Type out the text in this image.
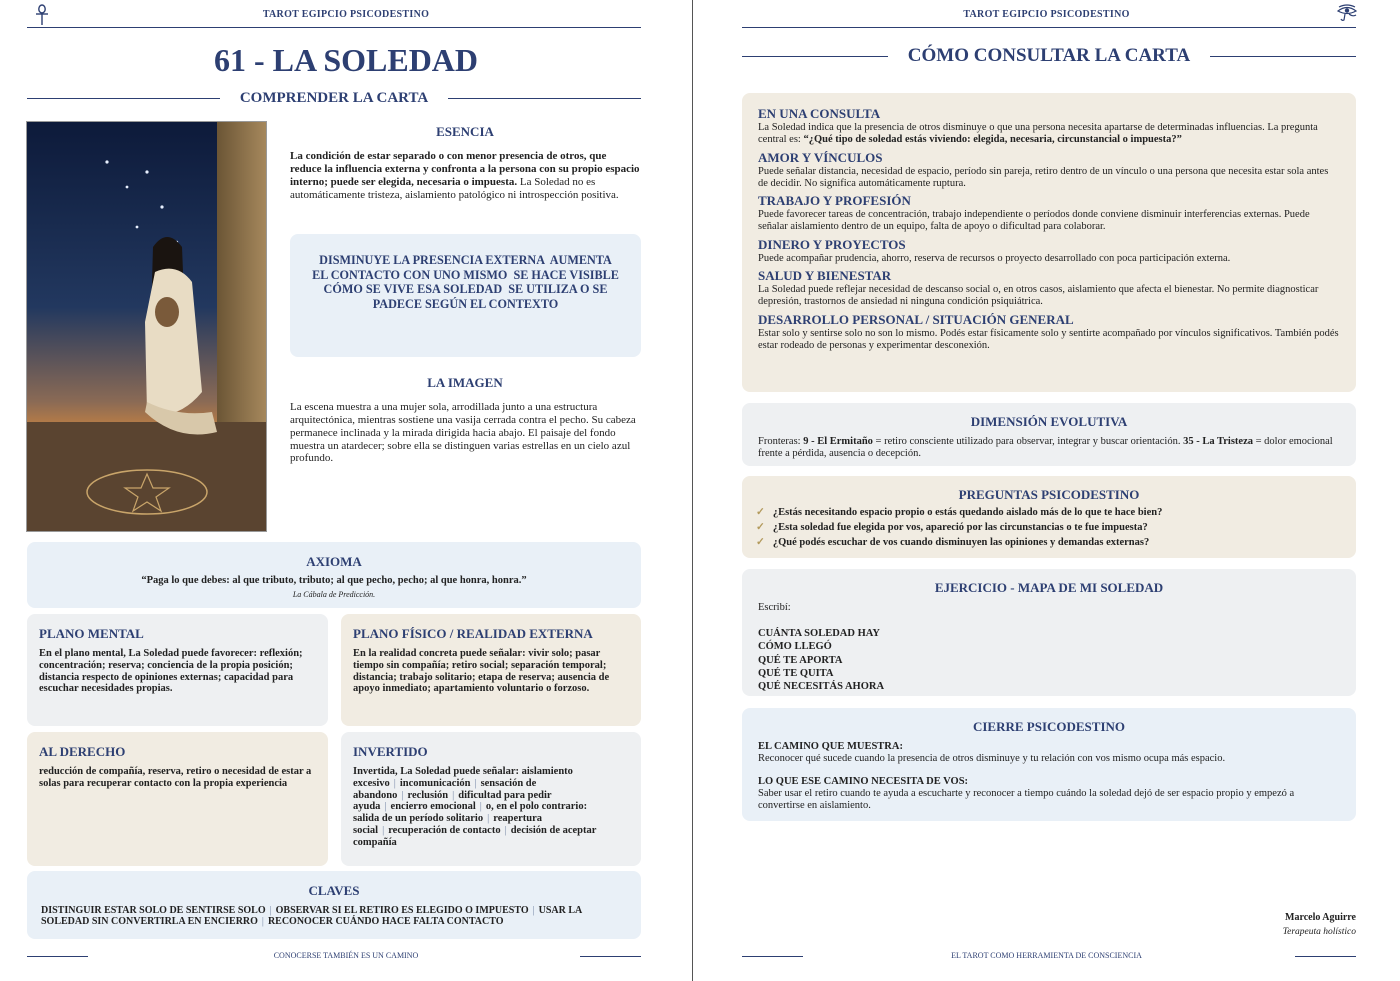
TAROT EGIPCIO PSICODESTINO
61 - LA SOLEDAD
COMPRENDER LA CARTA
ESENCIA

La condición de estar separado o con menor presencia de otros, que reduce la influencia externa y confronta a la persona con su propio espacio interno; puede ser elegida, necesaria o impuesta. La Soledad no es automáticamente tristeza, aislamiento patológico ni introspección positiva.

DISMINUYE LA PRESENCIA EXTERNA  AUMENTA
EL CONTACTO CON UNO MISMO  SE HACE VISIBLE
CÓMO SE VIVE ESA SOLEDAD  SE UTILIZA O SE
PADECE SEGÚN EL CONTEXTO
LA IMAGEN

La escena muestra a una mujer sola, arrodillada junto a una estructura arquitectónica, mientras sostiene una vasija cerrada contra el pecho. Su cabeza permanece inclinada y la mirada dirigida hacia abajo. El paisaje del fondo muestra un atardecer; sobre ella se distinguen varias estrellas en un cielo azul profundo.

AXIOMA
“Paga lo que debes: al que tributo, tributo; al que pecho, pecho; al que honra, honra.”
La Cábala de Predicción.
PLANO MENTAL
En el plano mental, La Soledad puede favorecer: reflexión; concentración; reserva; conciencia de la propia posición; distancia respecto de opiniones externas; capacidad para escuchar necesidades propias.
PLANO FÍSICO / REALIDAD EXTERNA
En la realidad concreta puede señalar: vivir solo; pasar tiempo sin compañía; retiro social; separación temporal; distancia; trabajo solitario; etapa de reserva; ausencia de apoyo inmediato; apartamiento voluntario o forzoso.
AL DERECHO
reducción de compañía, reserva, retiro o necesidad de estar a solas para recuperar contacto con la propia experiencia
INVERTIDO
Invertida, La Soledad puede señalar: aislamiento
excesivo | incomunicación | sensación de
abandono | reclusión | dificultad para pedir
ayuda | encierro emocional | o, en el polo contrario:
salida de un período solitario | reapertura
social | recuperación de contacto | decisión de aceptar
compañía
CLAVES
DISTINGUIR ESTAR SOLO DE SENTIRSE SOLO | OBSERVAR SI EL RETIRO ES ELEGIDO O IMPUESTO | USAR LA
SOLEDAD SIN CONVERTIRLA EN ENCIERRO | RECONOCER CUÁNDO HACE FALTA CONTACTO
CONOCERSE TAMBIÉN ES UN CAMINO
TAROT EGIPCIO PSICODESTINO
CÓMO CONSULTAR LA CARTA
EN UNA CONSULTA
La Soledad indica que la presencia de otros disminuye o que una persona necesita apartarse de determinadas influencias. La pregunta central es: “¿Qué tipo de soledad estás viviendo: elegida, necesaria, circunstancial o impuesta?”
AMOR Y VÍNCULOS
Puede señalar distancia, necesidad de espacio, período sin pareja, retiro dentro de un vínculo o una persona que necesita estar sola antes de decidir. No significa automáticamente ruptura.
TRABAJO Y PROFESIÓN
Puede favorecer tareas de concentración, trabajo independiente o períodos donde conviene disminuir interferencias externas. Puede señalar aislamiento dentro de un equipo, falta de apoyo o dificultad para colaborar.
DINERO Y PROYECTOS
Puede acompañar prudencia, ahorro, reserva de recursos o proyecto desarrollado con poca participación externa.
SALUD Y BIENESTAR
La Soledad puede reflejar necesidad de descanso social o, en otros casos, aislamiento que afecta el bienestar. No permite diagnosticar depresión, trastornos de ansiedad ni ninguna condición psiquiátrica.
DESARROLLO PERSONAL / SITUACIÓN GENERAL
Estar solo y sentirse solo no son lo mismo. Podés estar físicamente solo y sentirte acompañado por vínculos significativos. También podés estar rodeado de personas y experimentar desconexión.
DIMENSIÓN EVOLUTIVA

Fronteras: 9 - El Ermitaño = retiro consciente utilizado para observar, integrar y buscar orientación. 35 - La Tristeza = dolor emocional frente a pérdida, ausencia o decepción.

PREGUNTAS PSICODESTINO
✓ ¿Estás necesitando espacio propio o estás quedando aislado más de lo que te hace bien?
✓ ¿Esta soledad fue elegida por vos, apareció por las circunstancias o te fue impuesta?
✓ ¿Qué podés escuchar de vos cuando disminuyen las opiniones y demandas externas?
EJERCICIO - MAPA DE MI SOLEDAD
Escribí:
CUÁNTA SOLEDAD HAY
CÓMO LLEGÓ
QUÉ TE APORTA
QUÉ TE QUITA
QUÉ NECESITÁS AHORA
CIERRE PSICODESTINO
EL CAMINO QUE MUESTRA:
Reconocer qué sucede cuando la presencia de otros disminuye y tu relación con vos mismo ocupa más espacio.
LO QUE ESE CAMINO NECESITA DE VOS:
Saber usar el retiro cuando te ayuda a escucharte y reconocer a tiempo cuándo la soledad dejó de ser espacio propio y empezó a convertirse en aislamiento.
Marcelo Aguirre
Terapeuta holístico
EL TAROT COMO HERRAMIENTA DE CONSCIENCIA
